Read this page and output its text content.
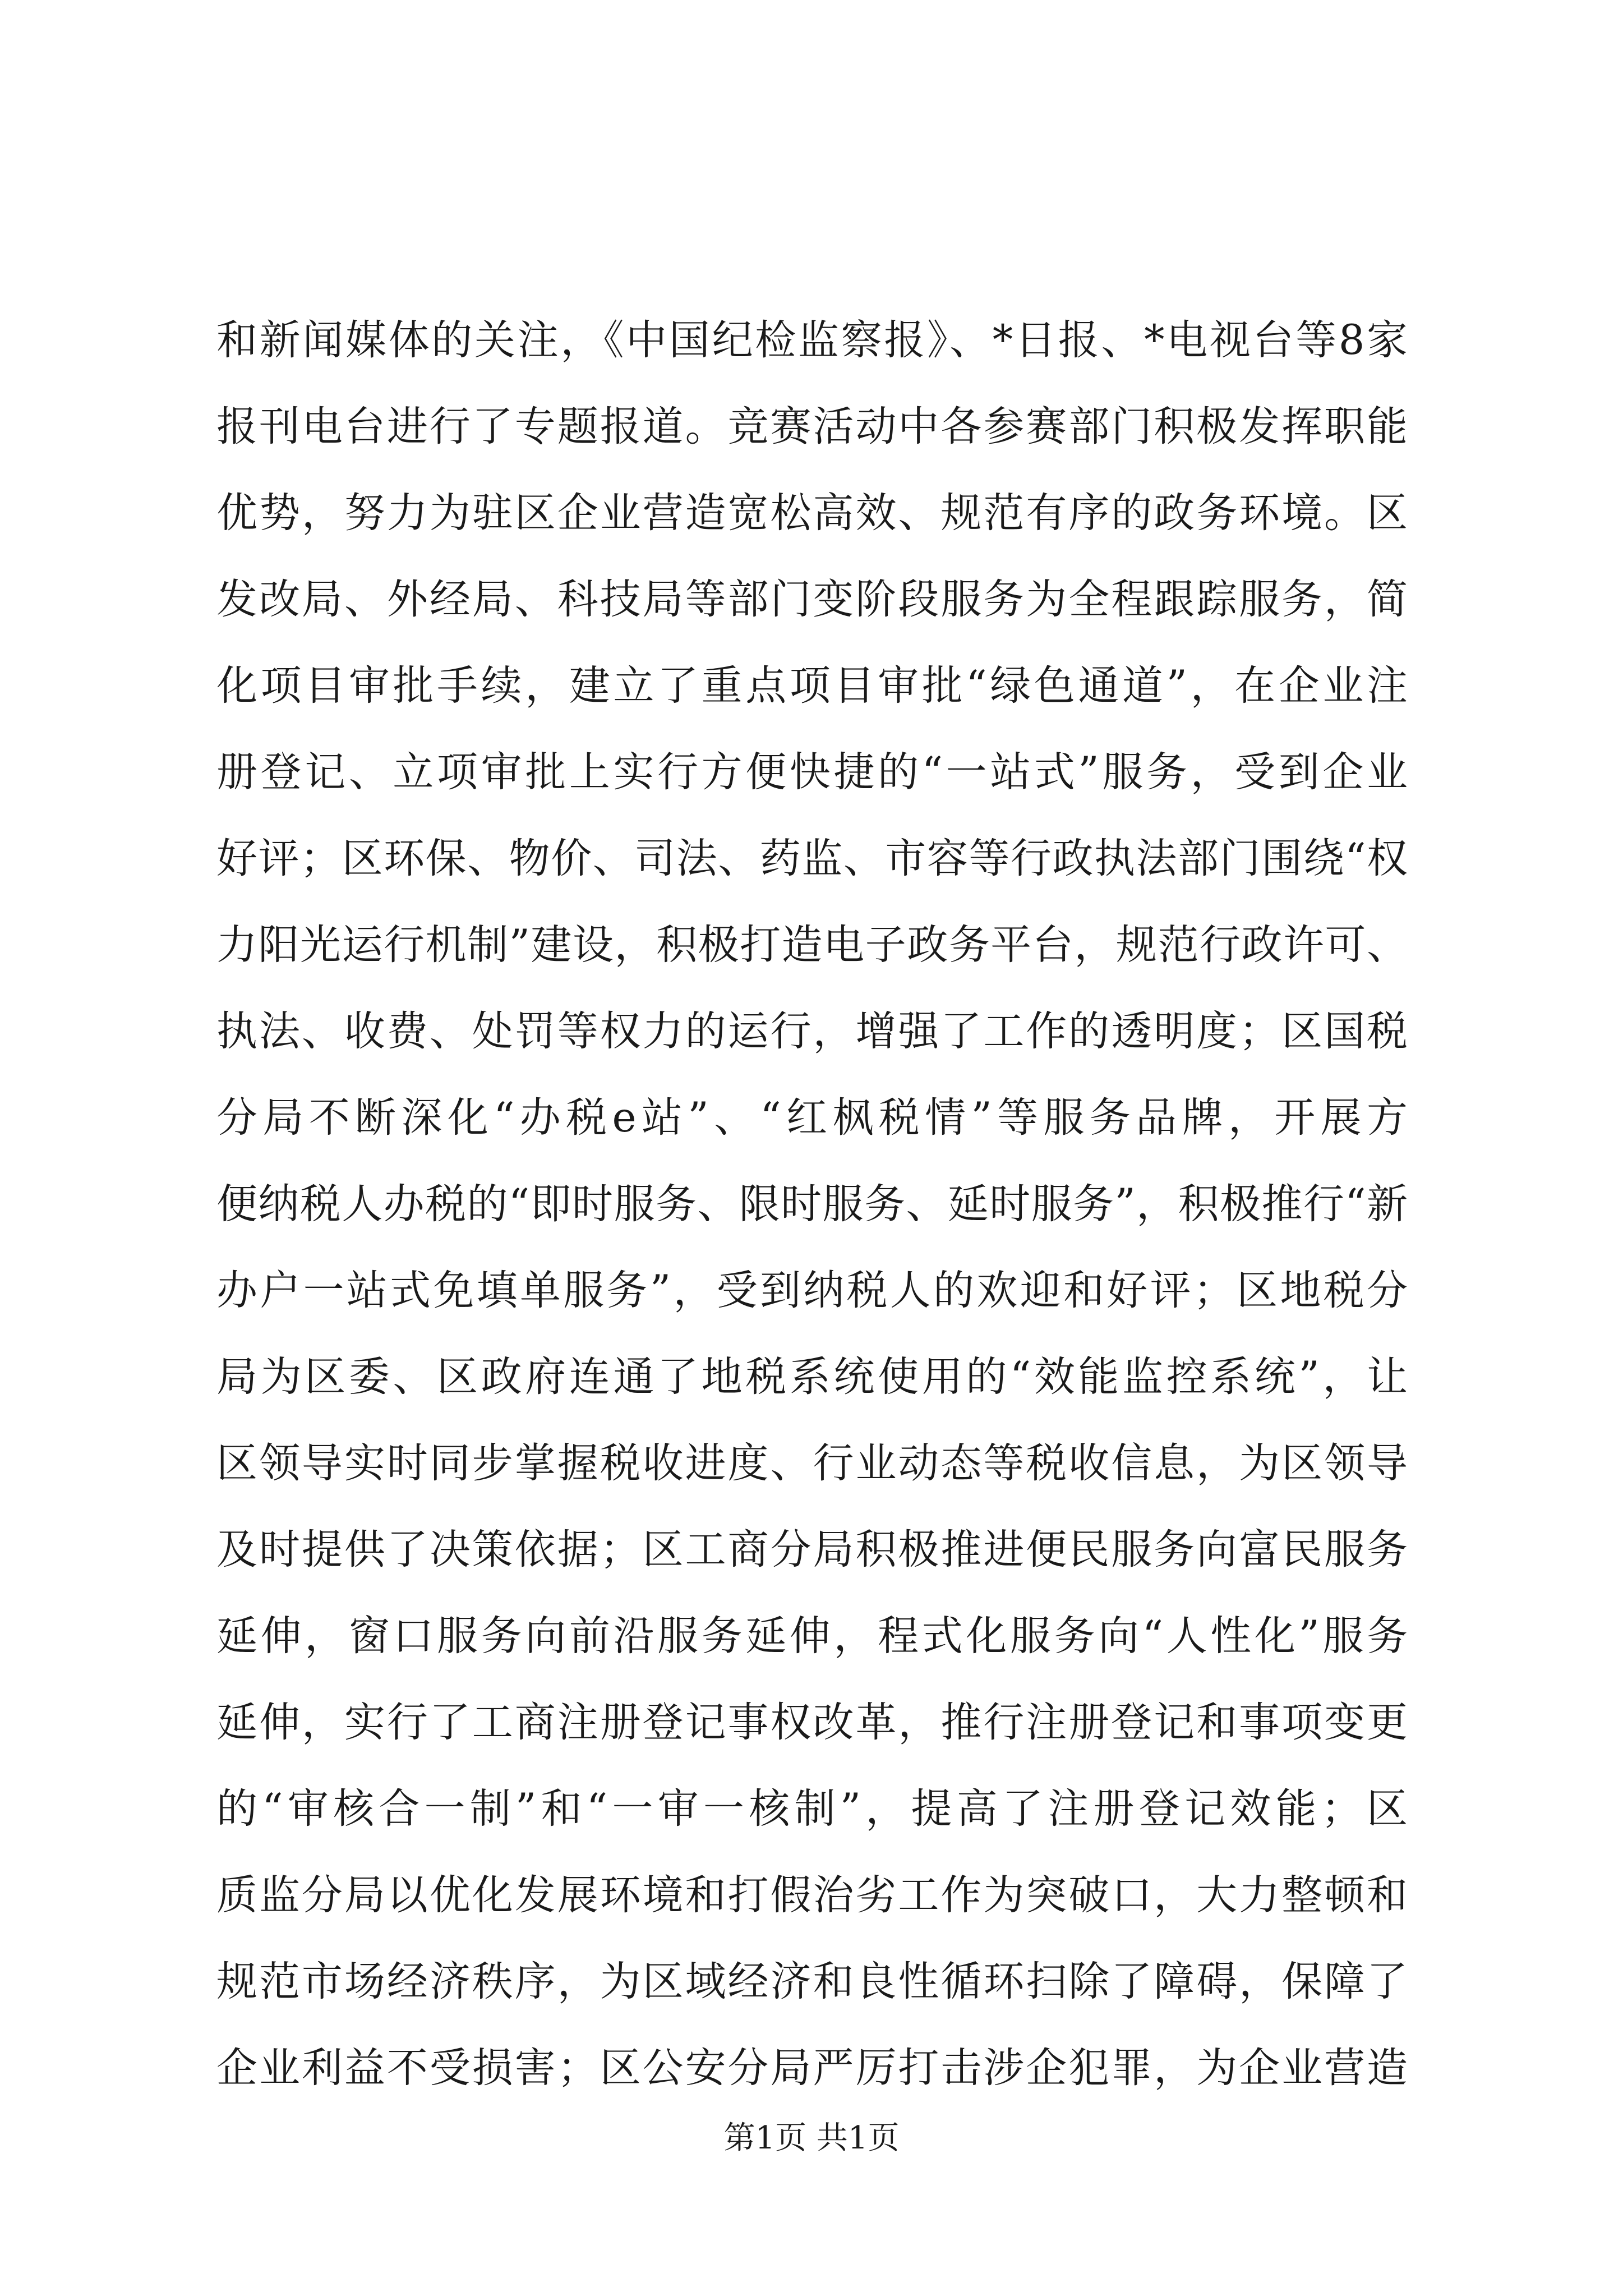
和新闻媒体的关注，《中国纪检监察报》、*日报、*电视台等8家
报刊电台进行了专题报道。竞赛活动中各参赛部门积极发挥职能
优势，努力为驻区企业营造宽松高效、规范有序的政务环境。区
发改局、外经局、科技局等部门变阶段服务为全程跟踪服务，简
化项目审批手续，建立了重点项目审批“绿色通道”，在企业注
册登记、立项审批上实行方便快捷的“一站式”服务，受到企业
好评；区环保、物价、司法、药监、市容等行政执法部门围绕“权
力阳光运行机制”建设，积极打造电子政务平台，规范行政许可、
执法、收费、处罚等权力的运行，增强了工作的透明度；区国税
分局不断深化“办税e站”、“红枫税情”等服务品牌，开展方
便纳税人办税的“即时服务、限时服务、延时服务”，积极推行“新
办户一站式免填单服务”，受到纳税人的欢迎和好评；区地税分
局为区委、区政府连通了地税系统使用的“效能监控系统”，让
区领导实时同步掌握税收进度、行业动态等税收信息，为区领导
及时提供了决策依据；区工商分局积极推进便民服务向富民服务
延伸，窗口服务向前沿服务延伸，程式化服务向“人性化”服务
延伸，实行了工商注册登记事权改革，推行注册登记和事项变更
的“审核合一制”和“一审一核制”，提高了注册登记效能；区
质监分局以优化发展环境和打假治劣工作为突破口，大力整顿和
规范市场经济秩序，为区域经济和良性循环扫除了障碍，保障了
企业利益不受损害；区公安分局严厉打击涉企犯罪，为企业营造
第1页 共1页
